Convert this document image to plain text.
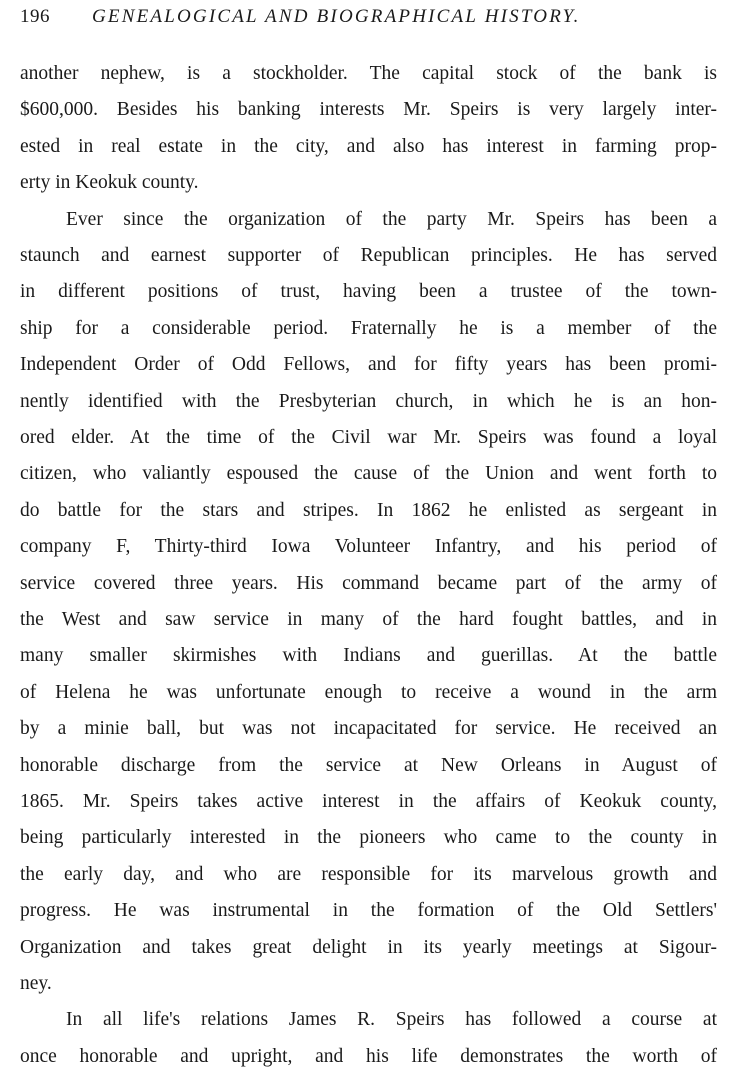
196 GENEALOGICAL AND BIOGRAPHICAL HISTORY.
another nephew, is a stockholder. The capital stock of the bank is
$600,000. Besides his banking interests Mr. Speirs is very largely inter-
ested in real estate in the city, and also has interest in farming prop-
erty in Keokuk county.
Ever since the organization of the party Mr. Speirs has been a
staunch and earnest supporter of Republican principles. He has served
in different positions of trust, having been a trustee of the town-
ship for a considerable period. Fraternally he is a member of the
Independent Order of Odd Fellows, and for fifty years has been promi-
nently identified with the Presbyterian church, in which he is an hon-
ored elder. At the time of the Civil war Mr. Speirs was found a loyal
citizen, who valiantly espoused the cause of the Union and went forth to
do battle for the stars and stripes. In 1862 he enlisted as sergeant in
company F, Thirty-third Iowa Volunteer Infantry, and his period of
service covered three years. His command became part of the army of
the West and saw service in many of the hard fought battles, and in
many smaller skirmishes with Indians and guerillas. At the battle
of Helena he was unfortunate enough to receive a wound in the arm
by a minie ball, but was not incapacitated for service. He received an
honorable discharge from the service at New Orleans in August of
1865. Mr. Speirs takes active interest in the affairs of Keokuk county,
being particularly interested in the pioneers who came to the county in
the early day, and who are responsible for its marvelous growth and
progress. He was instrumental in the formation of the Old Settlers'
Organization and takes great delight in its yearly meetings at Sigour-
ney.
In all life's relations James R. Speirs has followed a course at
once honorable and upright, and his life demonstrates the worth of
